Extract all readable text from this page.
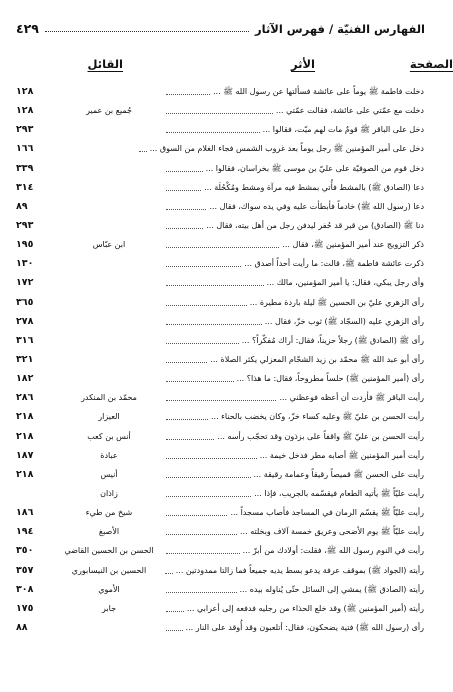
الفهارس الفنيّة / فهرس الآثار
٤٢٩
الأثر
القائل	الصفحة
دخلت فاطمة ﷺ يوماً على عائشة فسألتها عن رسول الله ﷺ ...
١٢٨
دخلت مع عمّتي على عائشة، فقالت عمّتي ...
جُميع بن عمير
١٢٨
دخل على الباقر ﷺ قومٌ مات لهم ميّت، فقالوا ...
٢٩٣
دخل على أمير المؤمنين ﷺ رجل يوماً بعد غروب الشمس فجاء الغلام من السوق ...
١٦٦
دخل قوم من الصوفيّة على عليّ بن موسى ﷺ بخراسان، فقالوا ...
٣٣٩
دعا (الصادق ﷺ) بالمشط فأُتي بمشط فيه مرآة ومشط ومُكْحُلَة ...
٣١٤
دعا (رسول الله ﷺ) خادماً فأبطأت عليه وفي يده سواك، فقال ...
٨٩
دنا ﷺ (الصادق) من قبر قد حُفر ليدفن رجل من أهل بيته، فقال ...
٢٩٣
ذكر التزويج عند أمير المؤمنين ﷺ، فقال ...
ابن عبّاس
١٩٥
ذكرت عائشة فاطمة ﷺ، قالت: ما رأيت أحداً أصدق ...
١٣٠
وأى رجل يبكي، فقال: يا أمير المؤمنين، مالك ...
١٧٢
رأى الزهري عليّ بن الحسين ﷺ ليلة باردة مطيرة ...
٣٦٥
رأى الزهري عليه (السجّاد ﷺ) ثوب خزّ، فقال ...
٢٧٨
رأى ﷺ (الصادق ﷺ) رجلاً حزيناً، فقال: أراك مُفكّراً؟ ...
٣١٦
رأى أبو عبد الله ﷺ محمّد بن زيد الشحّام المعزلي يكثر الصلاة ...
٣٢١
رأى (أمير المؤمنين ﷺ) حلساً مطروحاً، فقال: ما هذا؟ ...
١٨٢
رأيت الباقر ﷺ فأردت أن أعظه فوعظني ...
محمّد بن المنكدر
٢٨٦
رأيت الحسن بن عليّ ﷺ وعليه كساء خزّ، وكان يخضب بالحناء ...
العيزار
٢١٨
رأيت الحسن بن عليّ ﷺ واقفاً على بزذون وقد تحجّب رأسه ...
أنس بن كعب
٢١٨
رأيت أمير المؤمنين ﷺ أصابه مطر فدخل خيمة ...
عبادة
١٨٧
رأيت على الحسن ﷺ قميصاً رقيقاً وعمامة رقيقة ...
أنيس
٢١٨
رأيت عليّاً ﷺ يأتيه الطعام فيقسّمه بالجريب، فإذا ...
زاذان
رأيت عليّاً ﷺ يقسّم الرمان في المساجد فأصاب مسجداً ...
شيخ من طيء
١٨٦
رأيت عليّاً ﷺ يوم الأضحى وعريق خمسة آلاف وبخلته ...
الأصبغ
١٩٤
رأيت في النوم رسول الله ﷺ، فقلت: أولادك من أبرّ ...
الحسن بن الحسين القاضي
٣٥٠
رأيته (الجواد ﷺ) بموقف عرفة يدعو بسط يديه جميعاً فما زالتا ممدودتين ...
الحسين بن النيسابوري
٣٥٧
رأيته (الصادق ﷺ) يمشي إلى السائل حتّى يُناوله بيده ...
الأموي
٣٠٨
رأيته (أمير المؤمنين ﷺ) وقد خلع الحذاء من رجليه فدفعه إلى أعرابي ...
جابر
١٧٥
رأى (رسول الله ﷺ) فتية يضحكون، فقال: أتلعبون وقد أُوقد على النار ...
٨٨
